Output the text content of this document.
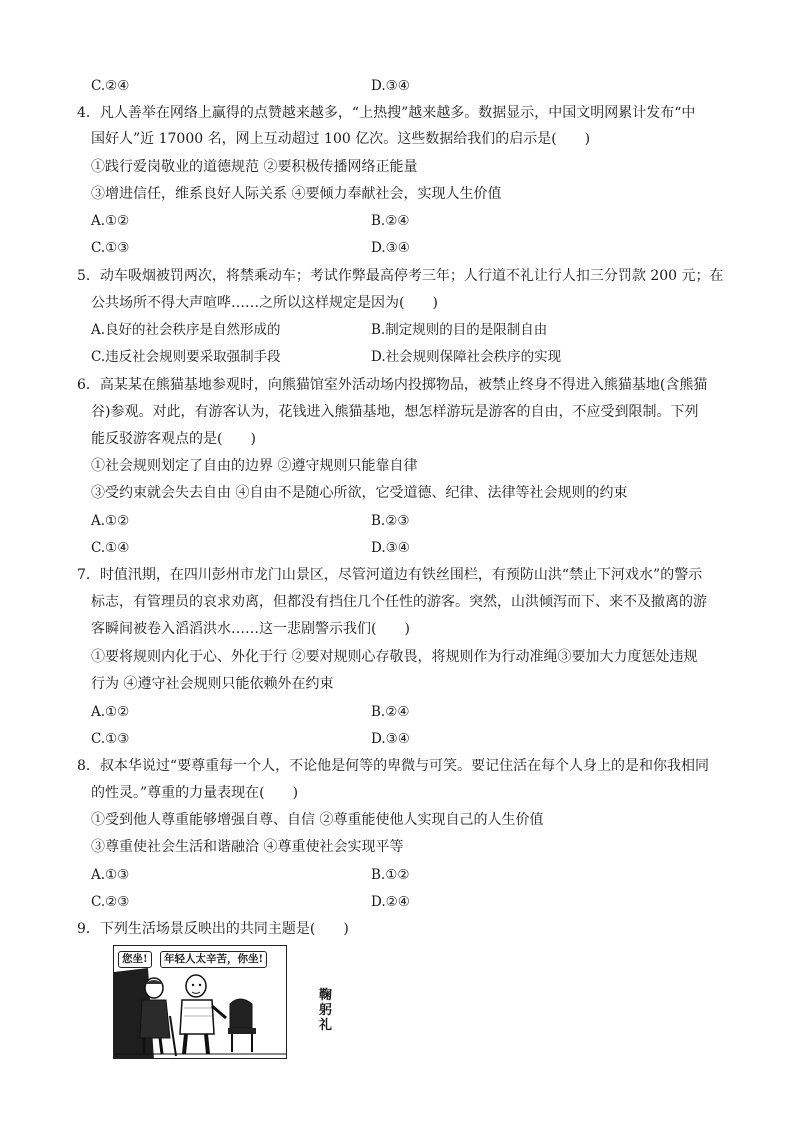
C.②④	D.③④
4．凡人善举在网络上赢得的点赞越来越多，“上热搜”越来越多。数据显示，中国文明网累计发布“中
国好人”近 17000 名，网上互动超过 100 亿次。这些数据给我们的启示是(　　)
①践行爱岗敬业的道德规范 ②要积极传播网络正能量
③增进信任，维系良好人际关系 ④要倾力奉献社会，实现人生价值
A.①②	B.②④
C.①③	D.③④
5．动车吸烟被罚两次，将禁乘动车；考试作弊最高停考三年；人行道不礼让行人扣三分罚款 200 元；在
公共场所不得大声喧哗……之所以这样规定是因为(　　)
A.良好的社会秩序是自然形成的	B.制定规则的目的是限制自由
C.违反社会规则要采取强制手段	D.社会规则保障社会秩序的实现
6．高某某在熊猫基地参观时，向熊猫馆室外活动场内投掷物品，被禁止终身不得进入熊猫基地(含熊猫
谷)参观。对此，有游客认为，花钱进入熊猫基地，想怎样游玩是游客的自由，不应受到限制。下列
能反驳游客观点的是(　　)
①社会规则划定了自由的边界 ②遵守规则只能靠自律
③受约束就会失去自由 ④自由不是随心所欲，它受道德、纪律、法律等社会规则的约束
A.①②	B.②③
C.①④	D.③④
7．时值汛期，在四川彭州市龙门山景区，尽管河道边有铁丝围栏，有预防山洪“禁止下河戏水”的警示
标志，有管理员的哀求劝离，但都没有挡住几个任性的游客。突然，山洪倾泻而下、来不及撤离的游
客瞬间被卷入滔滔洪水……这一悲剧警示我们(　　)
①要将规则内化于心、外化于行 ②要对规则心存敬畏，将规则作为行动准绳③要加大力度惩处违规
行为 ④遵守社会规则只能依赖外在约束
A.①②	B.②④
C.①③	D.③④
8．叔本华说过“要尊重每一个人，不论他是何等的卑微与可笑。要记住活在每个人身上的是和你我相同
的性灵。”尊重的力量表现在(　　)
①受到他人尊重能够增强自尊、自信 ②尊重能使他人实现自己的人生价值
③尊重使社会生活和谐融洽 ④尊重使社会实现平等
A.①③	B.①②
C.②③	D.②④
9．下列生活场景反映出的共同主题是(　　)
您坐!	年轻人太辛苦，你坐!
鞠躬礼
